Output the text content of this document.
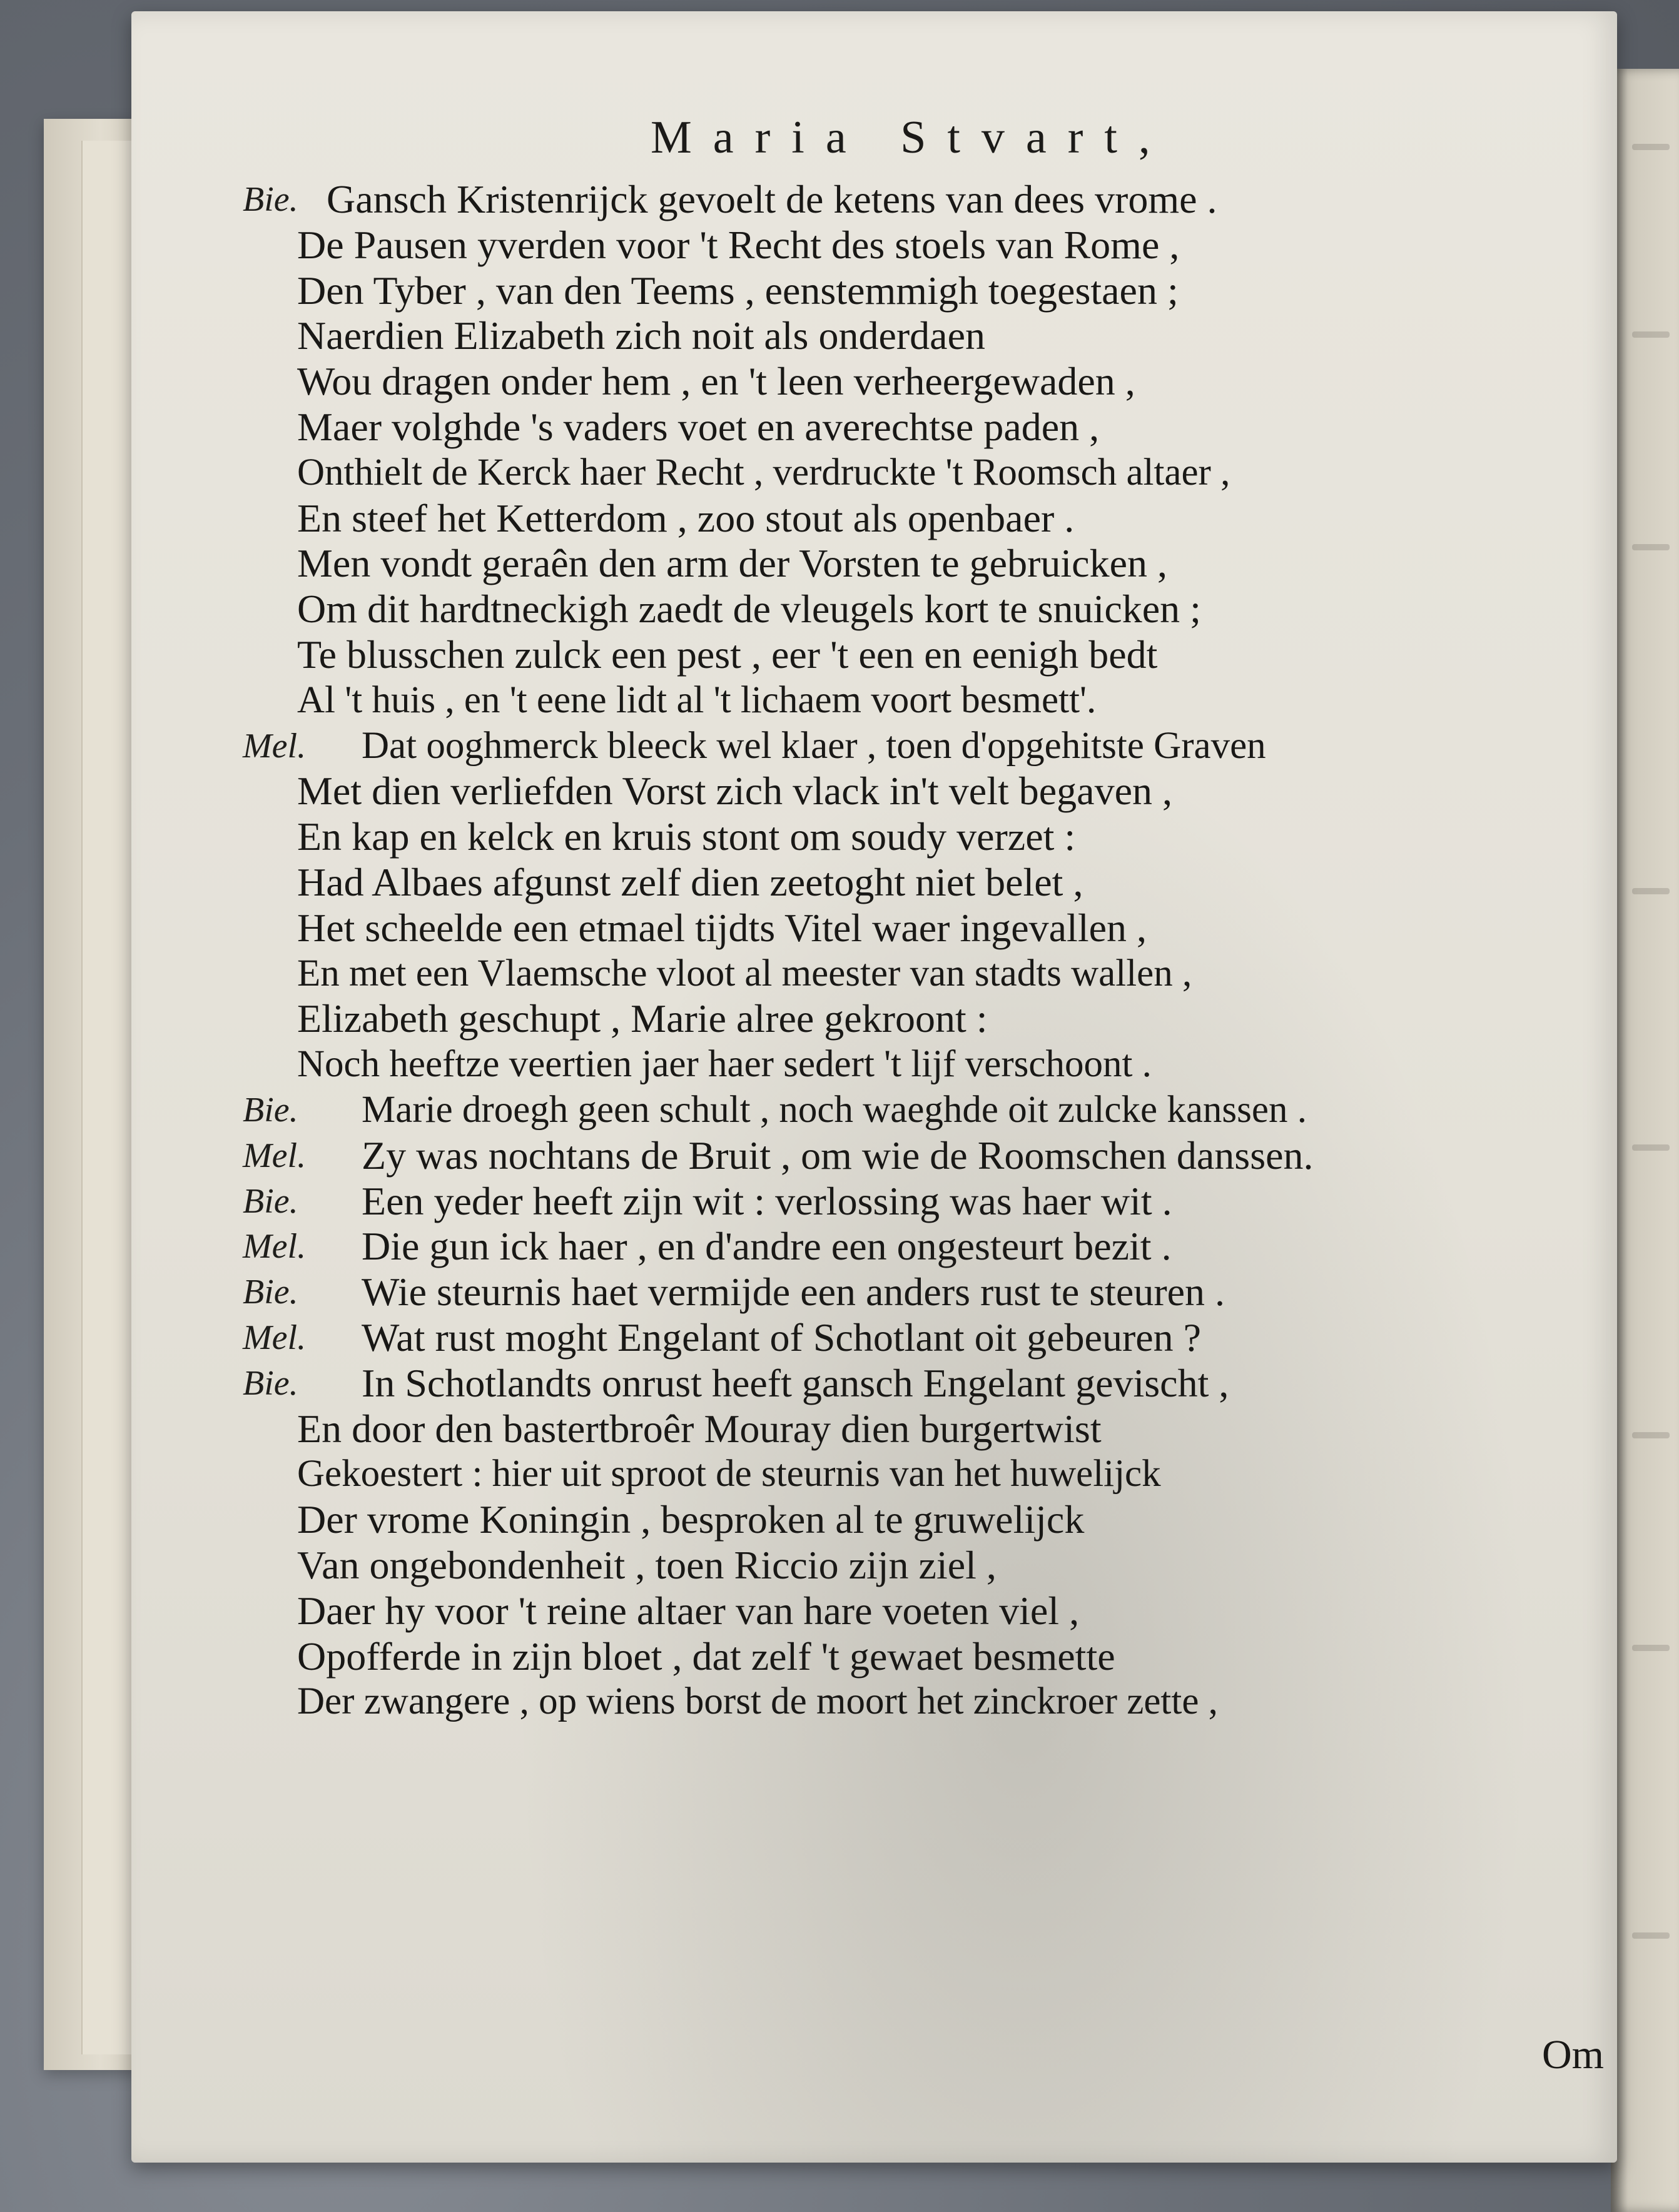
Maria Stvart,
Bie. Gansch Kristenrijck gevoelt de ketens van dees vrome .
De Pausen yverden voor 't Recht des stoels van Rome ,
Den Tyber , van den Teems , eenstemmigh toegestaen ;
Naerdien Elizabeth zich noit als onderdaen
Wou dragen onder hem , en 't leen verheergewaden ,
Maer volghde 's vaders voet en averechtse paden ,
Onthielt de Kerck haer Recht , verdruckte 't Roomsch altaer ,
En steef het Ketterdom , zoo stout als openbaer .
Men vondt geraên den arm der Vorsten te gebruicken ,
Om dit hardtneckigh zaedt de vleugels kort te snuicken ;
Te blusschen zulck een pest , eer 't een en eenigh bedt
Al 't huis , en 't eene lidt al 't lichaem voort besmett'.
Mel. Dat ooghmerck bleeck wel klaer , toen d'opgehitste Graven
Met dien verliefden Vorst zich vlack in't velt begaven ,
En kap en kelck en kruis stont om soudy verzet :
Had Albaes afgunst zelf dien zeetoght niet belet ,
Het scheelde een etmael tijdts Vitel waer ingevallen ,
En met een Vlaemsche vloot al meester van stadts wallen ,
Elizabeth geschupt , Marie alree gekroont :
Noch heeftze veertien jaer haer sedert 't lijf verschoont .
Bie. Marie droegh geen schult , noch waeghde oit zulcke kanssen .
Mel. Zy was nochtans de Bruit , om wie de Roomschen danssen.
Bie. Een yeder heeft zijn wit : verlossing was haer wit .
Mel. Die gun ick haer , en d'andre een ongesteurt bezit .
Bie. Wie steurnis haet vermijde een anders rust te steuren .
Mel. Wat rust moght Engelant of Schotlant oit gebeuren ?
Bie. In Schotlandts onrust heeft gansch Engelant gevischt ,
En door den bastertbroêr Mouray dien burgertwist
Gekoestert : hier uit sproot de steurnis van het huwelijck
Der vrome Koningin , besproken al te gruwelijck
Van ongebondenheit , toen Riccio zijn ziel ,
Daer hy voor 't reine altaer van hare voeten viel ,
Opofferde in zijn bloet , dat zelf 't gewaet besmette
Der zwangere , op wiens borst de moort het zinckroer zette ,
Om
